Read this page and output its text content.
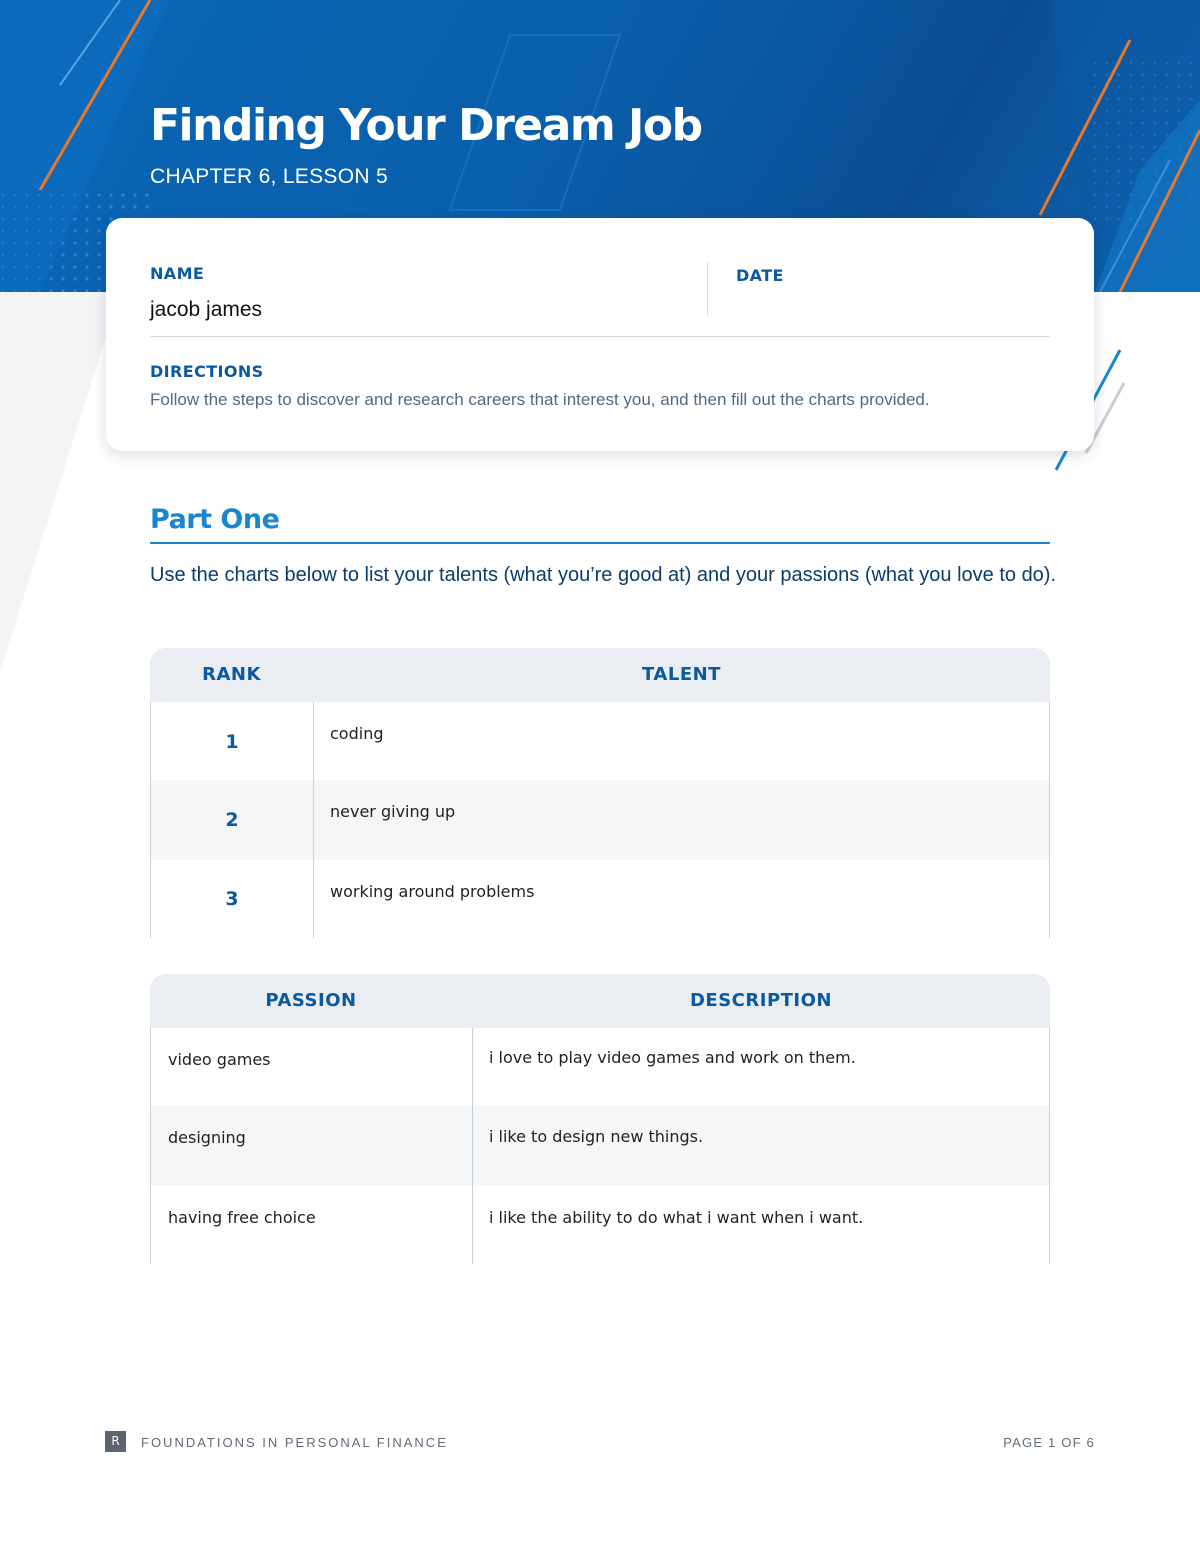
Finding Your Dream Job
CHAPTER 6, LESSON 5
NAME
jacob james
DATE
DIRECTIONS
Follow the steps to discover and research careers that interest you, and then fill out the charts provided.
Part One
Use the charts below to list your talents (what you’re good at) and your passions (what you love to do).
RANK	TALENT
1	coding
2	never giving up
3	working around problems
PASSION	DESCRIPTION
video games	i love to play video games and work on them.
designing	i like to design new things.
having free choice	i like the ability to do what i want when i want.
R	FOUNDATIONS IN PERSONAL FINANCE	PAGE 1 OF 6
